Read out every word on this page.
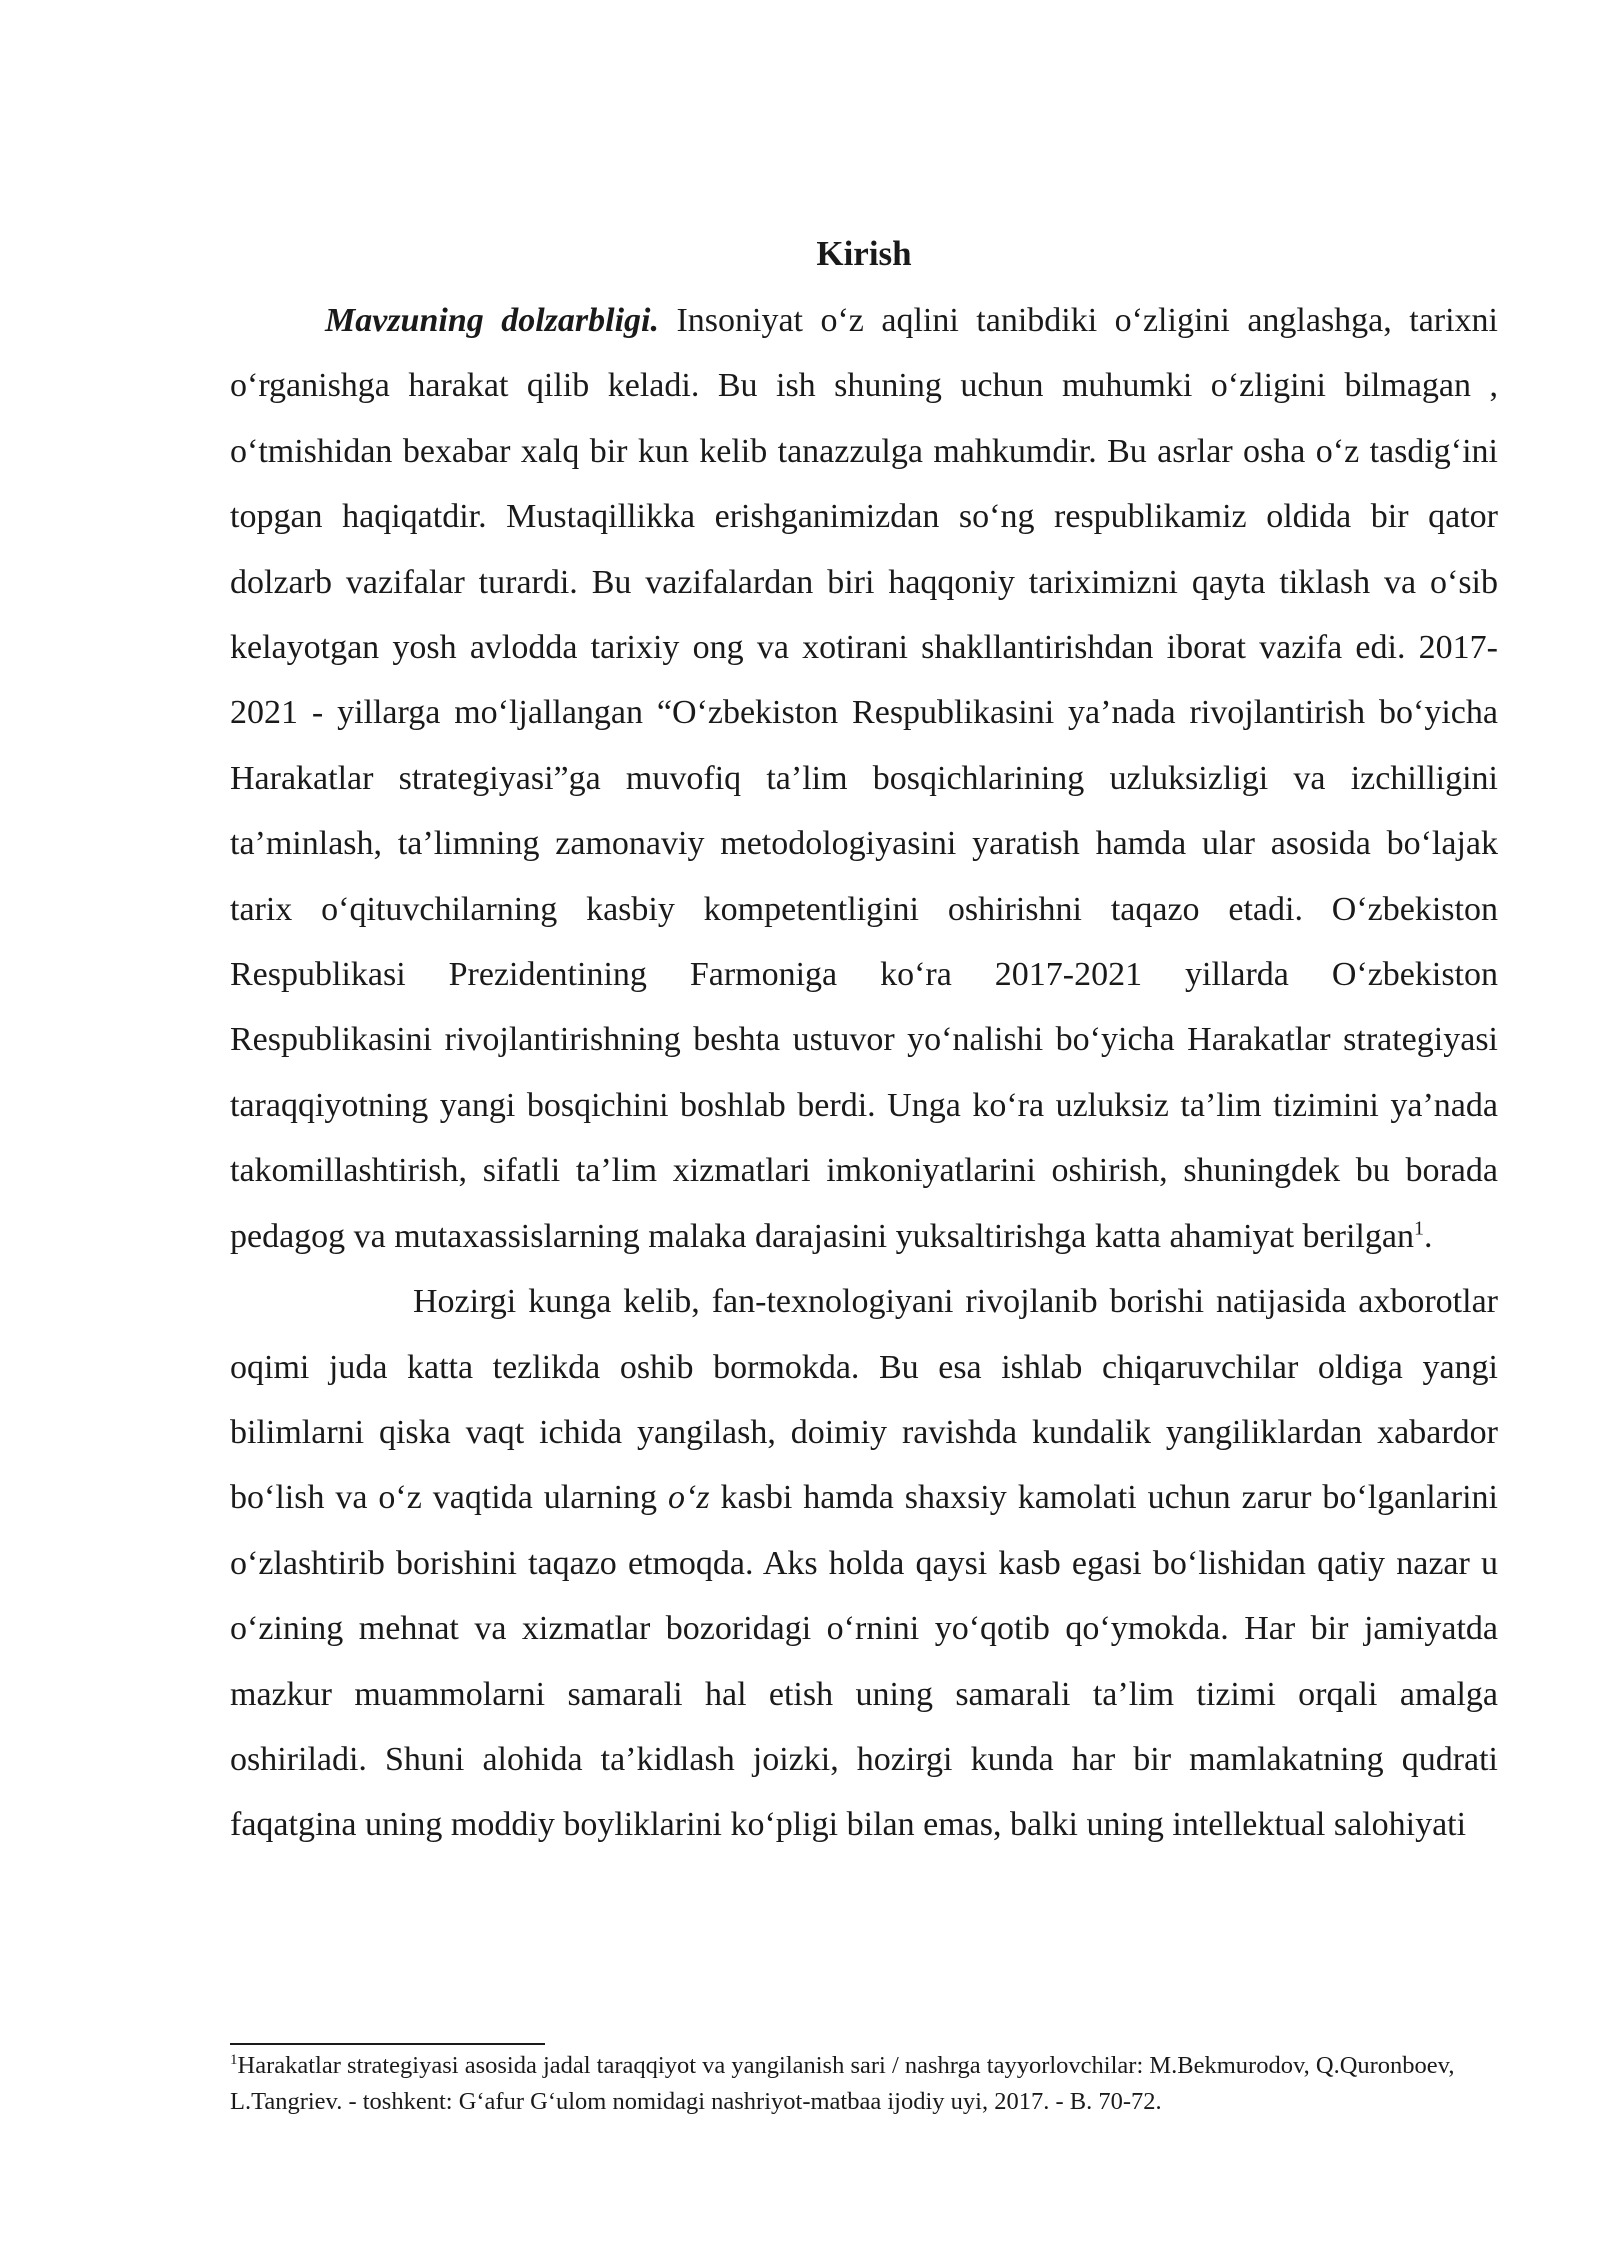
Kirish

Mavzuning dolzarbligi. Insoniyat o‘z aqlini tanibdiki o‘zligini anglashga, tarixni o‘rganishga harakat qilib keladi. Bu ish shuning uchun muhumki o‘zligini bilmagan , o‘tmishidan bexabar xalq bir kun kelib tanazzulga mahkumdir. Bu asrlar osha o‘z tasdig‘ini topgan haqiqatdir. Mustaqillikka erishganimizdan so‘ng respublikamiz oldida bir qator dolzarb vazifalar turardi. Bu vazifalardan biri haqqoniy tariximizni qayta tiklash va o‘sib kelayotgan yosh avlodda tarixiy ong va xotirani shakllantirishdan iborat vazifa edi. 2017-2021 - yillarga mo‘ljallangan “O‘zbekiston Respublikasini ya’nada rivojlantirish bo‘yicha Harakatlar strategiyasi”ga muvofiq ta’lim bosqichlarining uzluksizligi va izchilligini ta’minlash, ta’limning zamonaviy metodologiyasini yaratish hamda ular asosida bo‘lajak tarix o‘qituvchilarning kasbiy kompetentligini oshirishni taqazo etadi. O‘zbekiston Respublikasi Prezidentining Farmoniga ko‘ra 2017-2021 yillarda O‘zbekiston Respublikasini rivojlantirishning beshta ustuvor yo‘nalishi bo‘yicha Harakatlar strategiyasi taraqqiyotning yangi bosqichini boshlab berdi. Unga ko‘ra uzluksiz ta’lim tizimini ya’nada takomillashtirish, sifatli ta’lim xizmatlari imkoniyatlarini oshirish, shuningdek bu borada pedagog va mutaxassislarning malaka darajasini yuksaltirishga katta ahamiyat berilgan$^1$.

Hozirgi kunga kelib, fan-texnologiyani rivojlanib borishi natijasida axborotlar oqimi juda katta tezlikda oshib bormokda. Bu esa ishlab chiqaruvchilar oldiga yangi bilimlarni qiska vaqt ichida yangilash, doimiy ravishda kundalik yangiliklardan xabardor bo‘lish va o‘z vaqtida ularning o‘z kasbi hamda shaxsiy kamolati uchun zarur bo‘lganlarini o‘zlashtirib borishini taqazo etmoqda. Aks holda qaysi kasb egasi bo‘lishidan qatiy nazar u o‘zining mehnat va xizmatlar bozoridagi o‘rnini yo‘qotib qo‘ymokda. Har bir jamiyatda mazkur muammolarni samarali hal etish uning samarali ta’lim tizimi orqali amalga oshiriladi. Shuni alohida ta’kidlash joizki, hozirgi kunda har bir mamlakatning qudrati faqatgina uning moddiy boyliklarini ko‘pligi bilan emas, balki uning intellektual salohiyati

$^1$Harakatlar strategiyasi asosida jadal taraqqiyot va yangilanish sari / nashrga tayyorlovchilar: M.Bekmurodov, Q.Quronboev, L.Tangriev. - toshkent: G‘afur G‘ulom nomidagi nashriyot-matbaa ijodiy uyi, 2017. - B. 70-72.
